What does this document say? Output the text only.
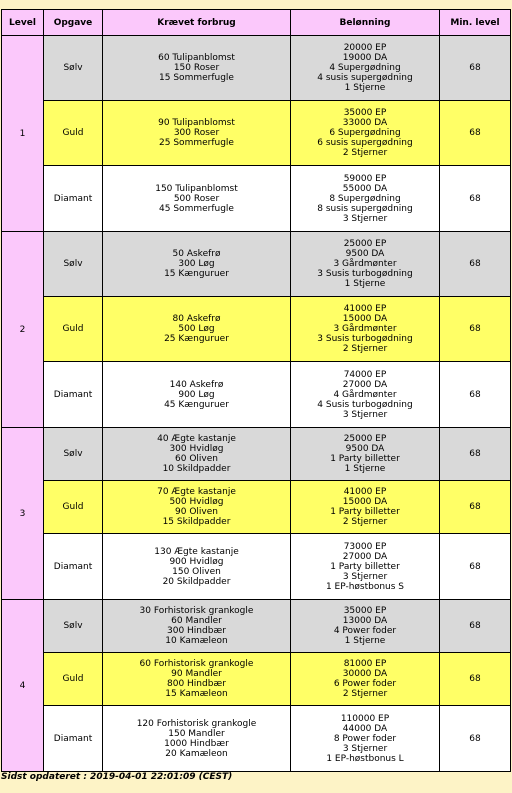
Level	Opgave	Krævet forbrug	Belønning	Min. level
1	Sølv	60 Tulipanblomst
150 Roser
15 Sommerfugle	20000 EP
19000 DA
4 Supergødning
4 susis supergødning
1 Stjerne	68
	Guld	90 Tulipanblomst
300 Roser
25 Sommerfugle	35000 EP
33000 DA
6 Supergødning
6 susis supergødning
2 Stjerner	68
	Diamant	150 Tulipanblomst
500 Roser
45 Sommerfugle	59000 EP
55000 DA
8 Supergødning
8 susis supergødning
3 Stjerner	68
2	Sølv	50 Askefrø
300 Løg
15 Kænguruer	25000 EP
9500 DA
3 Gårdmønter
3 Susis turbogødning
1 Stjerne	68
	Guld	80 Askefrø
500 Løg
25 Kænguruer	41000 EP
15000 DA
3 Gårdmønter
3 Susis turbogødning
2 Stjerner	68
	Diamant	140 Askefrø
900 Løg
45 Kænguruer	74000 EP
27000 DA
4 Gårdmønter
4 Susis turbogødning
3 Stjerner	68
3	Sølv	40 Ægte kastanje
300 Hvidløg
60 Oliven
10 Skildpadder	25000 EP
9500 DA
1 Party billetter
1 Stjerne	68
	Guld	70 Ægte kastanje
500 Hvidløg
90 Oliven
15 Skildpadder	41000 EP
15000 DA
1 Party billetter
2 Stjerner	68
	Diamant	130 Ægte kastanje
900 Hvidløg
150 Oliven
20 Skildpadder	73000 EP
27000 DA
1 Party billetter
3 Stjerner
1 EP-høstbonus S	68
4	Sølv	30 Forhistorisk grankogle
60 Mandler
300 Hindbær
10 Kamæleon	35000 EP
13000 DA
4 Power foder
1 Stjerne	68
	Guld	60 Forhistorisk grankogle
90 Mandler
800 Hindbær
15 Kamæleon	81000 EP
30000 DA
6 Power foder
2 Stjerner	68
	Diamant	120 Forhistorisk grankogle
150 Mandler
1000 Hindbær
20 Kamæleon	110000 EP
44000 DA
8 Power foder
3 Stjerner
1 EP-høstbonus L	68
Sidst opdateret : 2019-04-01 22:01:09 (CEST)
